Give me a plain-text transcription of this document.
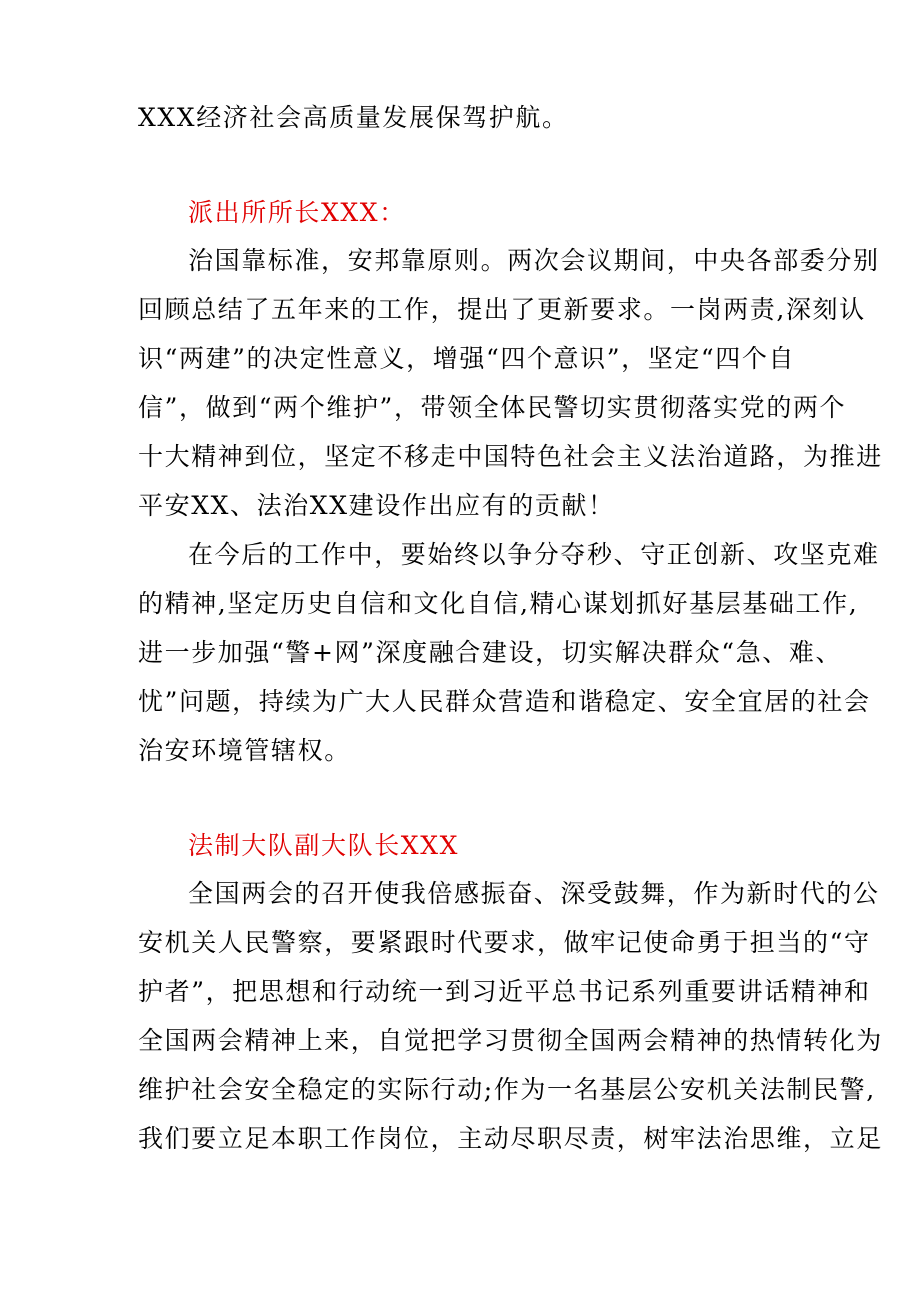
XXX经济社会高质量发展保驾护航。
派出所所长XXX：
治国靠标准，安邦靠原则。两次会议期间，中央各部委分别
回顾总结了五年来的工作，提出了更新要求。一岗两责,深刻认
识“两建”的决定性意义，增强“四个意识”，坚定“四个自
信”，做到“两个维护”，带领全体民警切实贯彻落实党的两个
十大精神到位，坚定不移走中国特色社会主义法治道路，为推进
平安XX、法治XX建设作出应有的贡献！
在今后的工作中，要始终以争分夺秒、守正创新、攻坚克难
的精神,坚定历史自信和文化自信,精心谋划抓好基层基础工作,
进一步加强“警+网”深度融合建设，切实解决群众“急、难、
忧”问题，持续为广大人民群众营造和谐稳定、安全宜居的社会
治安环境管辖权。
法制大队副大队长XXX
全国两会的召开使我倍感振奋、深受鼓舞，作为新时代的公
安机关人民警察，要紧跟时代要求，做牢记使命勇于担当的“守
护者”，把思想和行动统一到习近平总书记系列重要讲话精神和
全国两会精神上来，自觉把学习贯彻全国两会精神的热情转化为
维护社会安全稳定的实际行动;作为一名基层公安机关法制民警,
我们要立足本职工作岗位，主动尽职尽责，树牢法治思维，立足
